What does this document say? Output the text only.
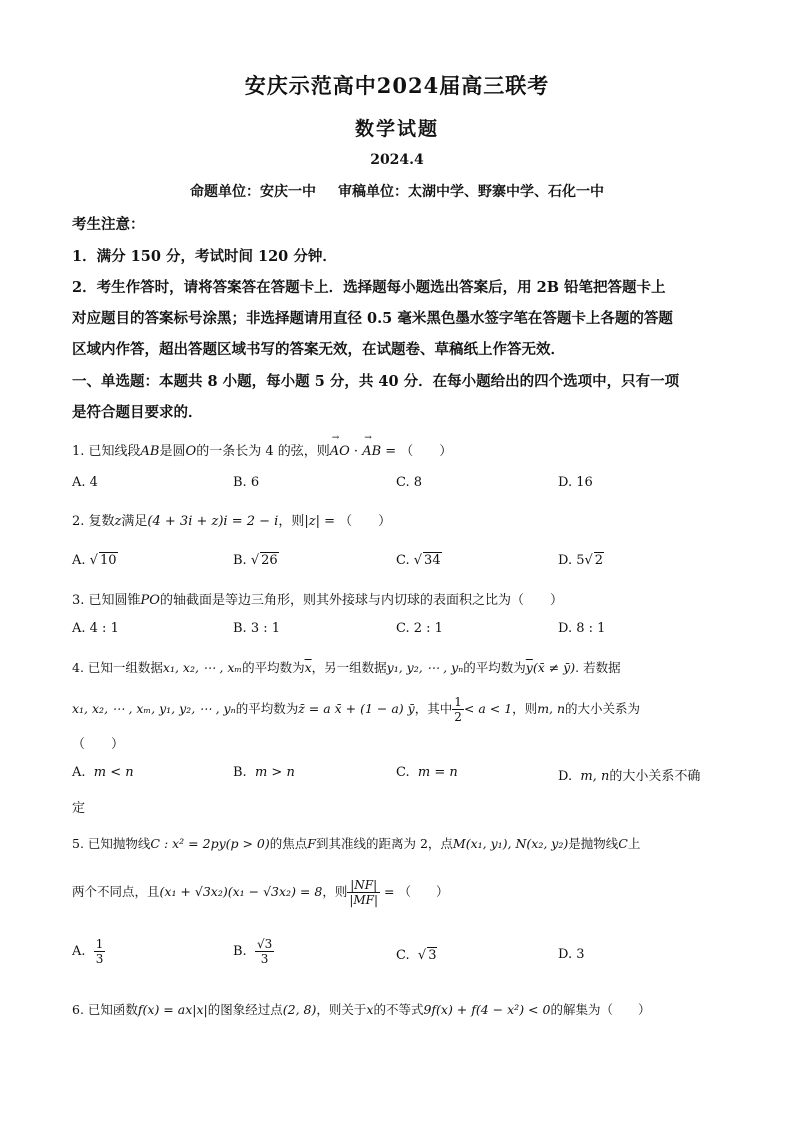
安庆示范高中2024届高三联考
数学试题
2024.4
命题单位：安庆一中 审稿单位：太湖中学、野寨中学、石化一中
考生注意：
1．满分 150 分，考试时间 120 分钟．
2．考生作答时，请将答案答在答题卡上．选择题每小题选出答案后，用 2B 铅笔把答题卡上
对应题目的答案标号涂黑；非选择题请用直径 0.5 毫米黑色墨水签字笔在答题卡上各题的答题
区域内作答，超出答题区域书写的答案无效，在试题卷、草稿纸上作答无效．
一、单选题：本题共 8 小题，每小题 5 分，共 40 分．在每小题给出的四个选项中，只有一项
是符合题目要求的．
1. 已知线段AB是圆O的一条长为 4 的弦，则→ AO · → AB = （　　）
A. 4	B. 6	C. 8	D. 16
2. 复数z满足(4 + 3i + z)i = 2 − i，则|z| = （　　）
A. √ 10	B. √ 26	C. √ 34	D. 5√ 2
3. 已知圆锥PO的轴截面是等边三角形，则其外接球与内切球的表面积之比为（　　）
A. 4 : 1	B. 3 : 1	C. 2 : 1	D. 8 : 1
4. 已知一组数据x₁, x₂, ⋯ , xₘ的平均数为$\overline{x}$，另一组数据y₁, y₂, ⋯ , yₙ的平均数为$\overline{y}(x̄$ ≠ ȳ). 若数据
x₁, x₂, ⋯ , xₘ, y₁, y₂, ⋯ , yₙ的平均数为z̄ = a x̄ + (1 − a) ȳ，其中 $\frac{1}{2} < a < 1$，则m, n的大小关系为
（　　）
A. m < n	B. m > n	C. m = n	D. m, n的大小关系不确
定
5. 已知抛物线C : x² = 2py(p > 0)的焦点F到其准线的距离为 2，点M(x₁, y₁), N(x₂, y₂)是抛物线C上
两个不同点，且(x₁ + √3x₂)(x₁ − √3x₂) = 8，则 $\frac{|NF|}{|MF|}$ = （　　）
A. $\frac{1}{3}$	B. $\frac{√3}{3}$	C.  √ 3	D. 3
6. 已知函数f(x) = ax|x|的图象经过点(2, 8)，则关于x的不等式9f(x) + f(4 − x²) < 0的解集为（　　）
